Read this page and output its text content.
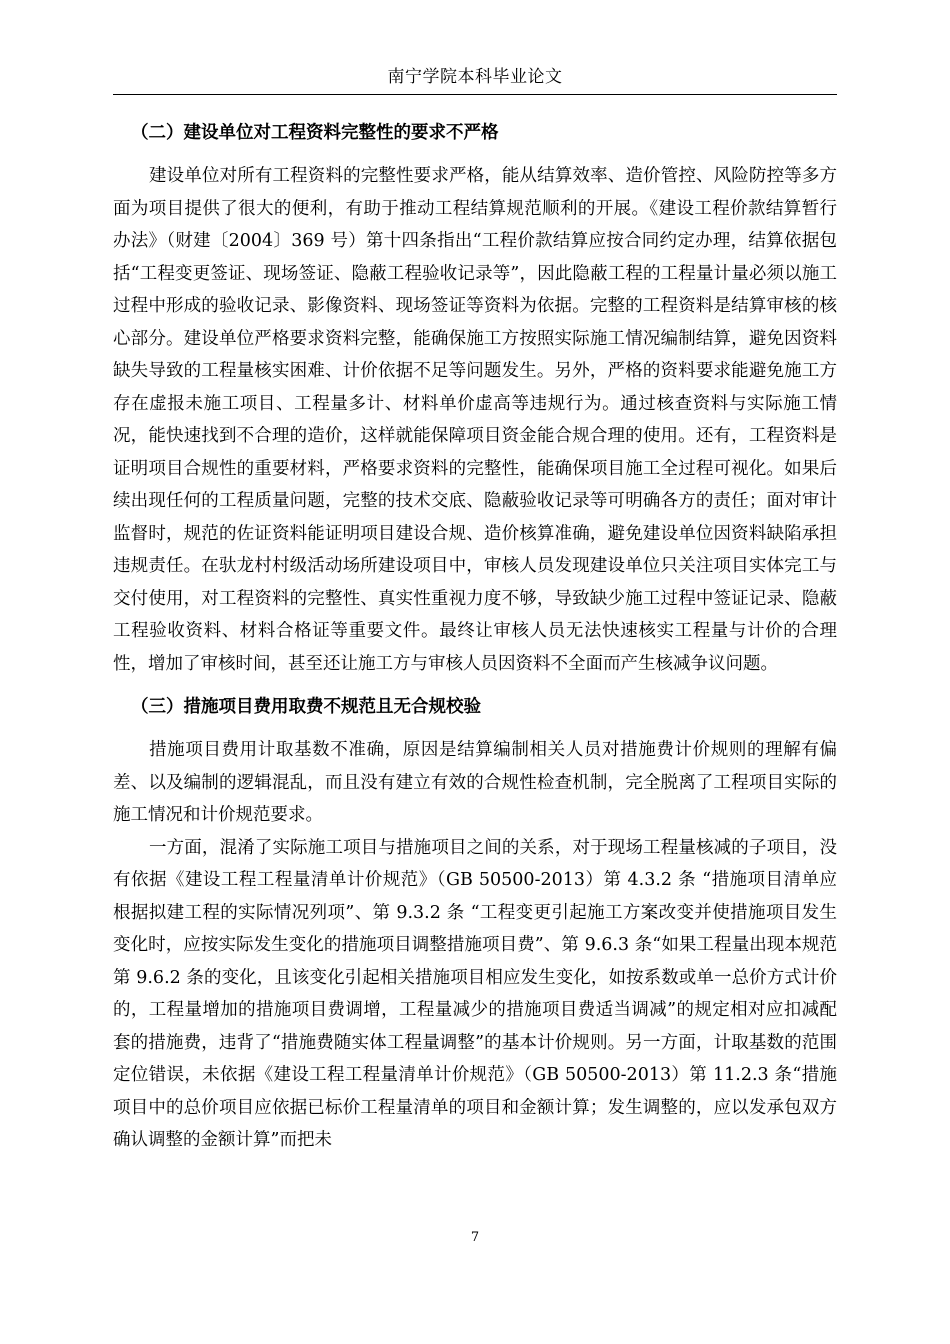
南宁学院本科毕业论文
（二）建设单位对工程资料完整性的要求不严格

建设单位对所有工程资料的完整性要求严格，能从结算效率、造价管控、风险防控等多方面为项目提供了很大的便利，有助于推动工程结算规范顺利的开展。《建设工程价款结算暂行办法》（财建〔2004〕369 号）第十四条指出“工程价款结算应按合同约定办理，结算依据包括“工程变更签证、现场签证、隐蔽工程验收记录等”，因此隐蔽工程的工程量计量必须以施工过程中形成的验收记录、影像资料、现场签证等资料为依据。完整的工程资料是结算审核的核心部分。建设单位严格要求资料完整，能确保施工方按照实际施工情况编制结算，避免因资料缺失导致的工程量核实困难、计价依据不足等问题发生。另外，严格的资料要求能避免施工方存在虚报未施工项目、工程量多计、材料单价虚高等违规行为。通过核查资料与实际施工情况，能快速找到不合理的造价，这样就能保障项目资金能合规合理的使用。还有，工程资料是证明项目合规性的重要材料，严格要求资料的完整性，能确保项目施工全过程可视化。如果后续出现任何的工程质量问题，完整的技术交底、隐蔽验收记录等可明确各方的责任；面对审计监督时，规范的佐证资料能证明项目建设合规、造价核算准确，避免建设单位因资料缺陷承担违规责任。在驮龙村村级活动场所建设项目中，审核人员发现建设单位只关注项目实体完工与交付使用，对工程资料的完整性、真实性重视力度不够，导致缺少施工过程中签证记录、隐蔽工程验收资料、材料合格证等重要文件。最终让审核人员无法快速核实工程量与计价的合理性，增加了审核时间，甚至还让施工方与审核人员因资料不全面而产生核减争议问题。

（三）措施项目费用取费不规范且无合规校验

措施项目费用计取基数不准确，原因是结算编制相关人员对措施费计价规则的理解有偏差、以及编制的逻辑混乱，而且没有建立有效的合规性检查机制，完全脱离了工程项目实际的施工情况和计价规范要求。

一方面，混淆了实际施工项目与措施项目之间的关系，对于现场工程量核减的子项目，没有依据《建设工程工程量清单计价规范》（GB 50500-2013）第 4.3.2 条 “措施项目清单应根据拟建工程的实际情况列项”、第 9.3.2 条 “工程变更引起施工方案改变并使措施项目发生变化时，应按实际发生变化的措施项目调整措施项目费”、第 9.6.3 条“如果工程量出现本规范第 9.6.2 条的变化，且该变化引起相关措施项目相应发生变化，如按系数或单一总价方式计价的，工程量增加的措施项目费调增，工程量减少的措施项目费适当调减”的规定相对应扣减配套的措施费，违背了“措施费随实体工程量调整”的基本计价规则。另一方面，计取基数的范围定位错误，未依据《建设工程工程量清单计价规范》（GB 50500-2013）第 11.2.3 条“措施项目中的总价项目应依据已标价工程量清单的项目和金额计算；发生调整的，应以发承包双方确认调整的金额计算”而把未

7
